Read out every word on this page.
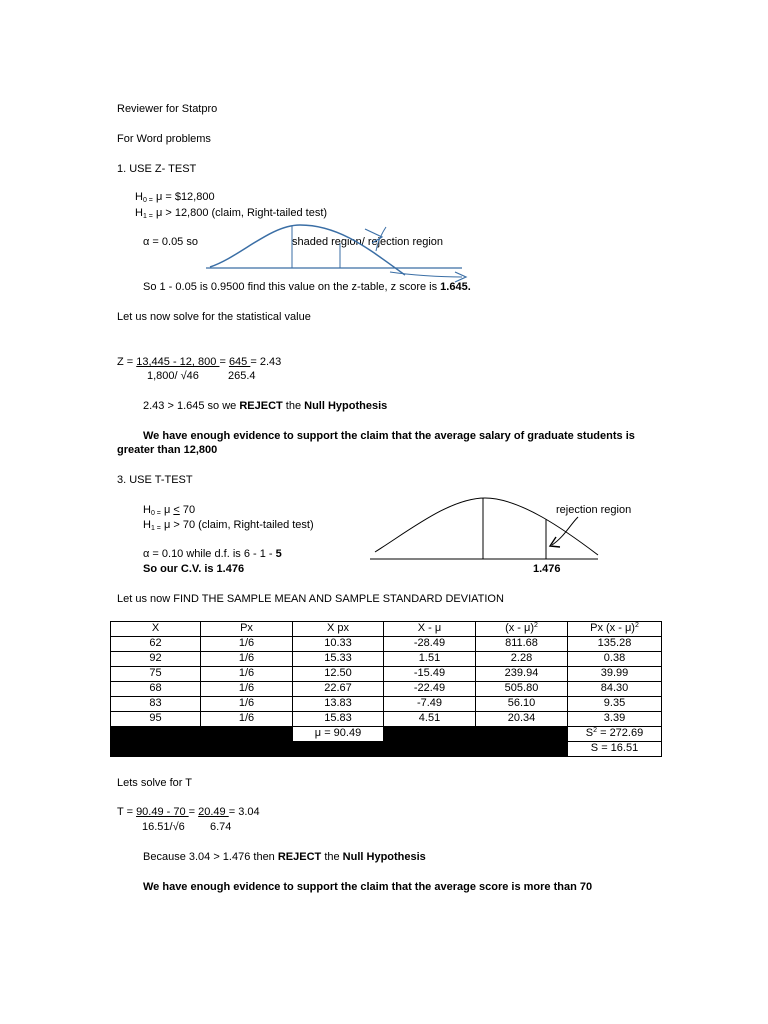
Reviewer for Statpro
For Word problems
1. USE Z- TEST
$H_{0 =}$ μ = $12,800
$H_{1 =}$ μ > 12,800 (claim, Right-tailed test)
α = 0.05 so	shaded region/ rejection region
So 1 - 0.05 is 0.9500 find this value on the z-table, z score is 1.645.
Let us now solve for the statistical value
Z = 13,445 - 12, 800 = 645 = 2.43
1,800/ √46	265.4
2.43 > 1.645 so we REJECT the Null Hypothesis
We have enough evidence to support the claim that the average salary of graduate students is
greater than 12,800
3. USE T-TEST
$H_{0 =}$ μ < 70
$H_{1 =}$ μ > 70 (claim, Right-tailed test)
α = 0.10 while d.f. is 6 - 1 - 5
So our C.V. is 1.476
rejection region
1.476
Let us now FIND THE SAMPLE MEAN AND SAMPLE STANDARD DEVIATION
X	Px	X px	X - μ	(x - μ)$^2$	Px (x - μ)$^2$
62	1/6	10.33	-28.49	811.68	135.28
92	1/6	15.33	1.51	2.28	0.38
75	1/6	12.50	-15.49	239.94	39.99
68	1/6	22.67	-22.49	505.80	84.30
83	1/6	13.83	-7.49	56.10	9.35
95	1/6	15.83	4.51	20.34	3.39
		μ = 90.49			$S^2 = 272.69$
					S = 16.51
Lets solve for T
T = 90.49 - 70 = 20.49 = 3.04
16.51/√6 6.74
Because 3.04 > 1.476 then REJECT the Null Hypothesis
We have enough evidence to support the claim that the average score is more than 70
